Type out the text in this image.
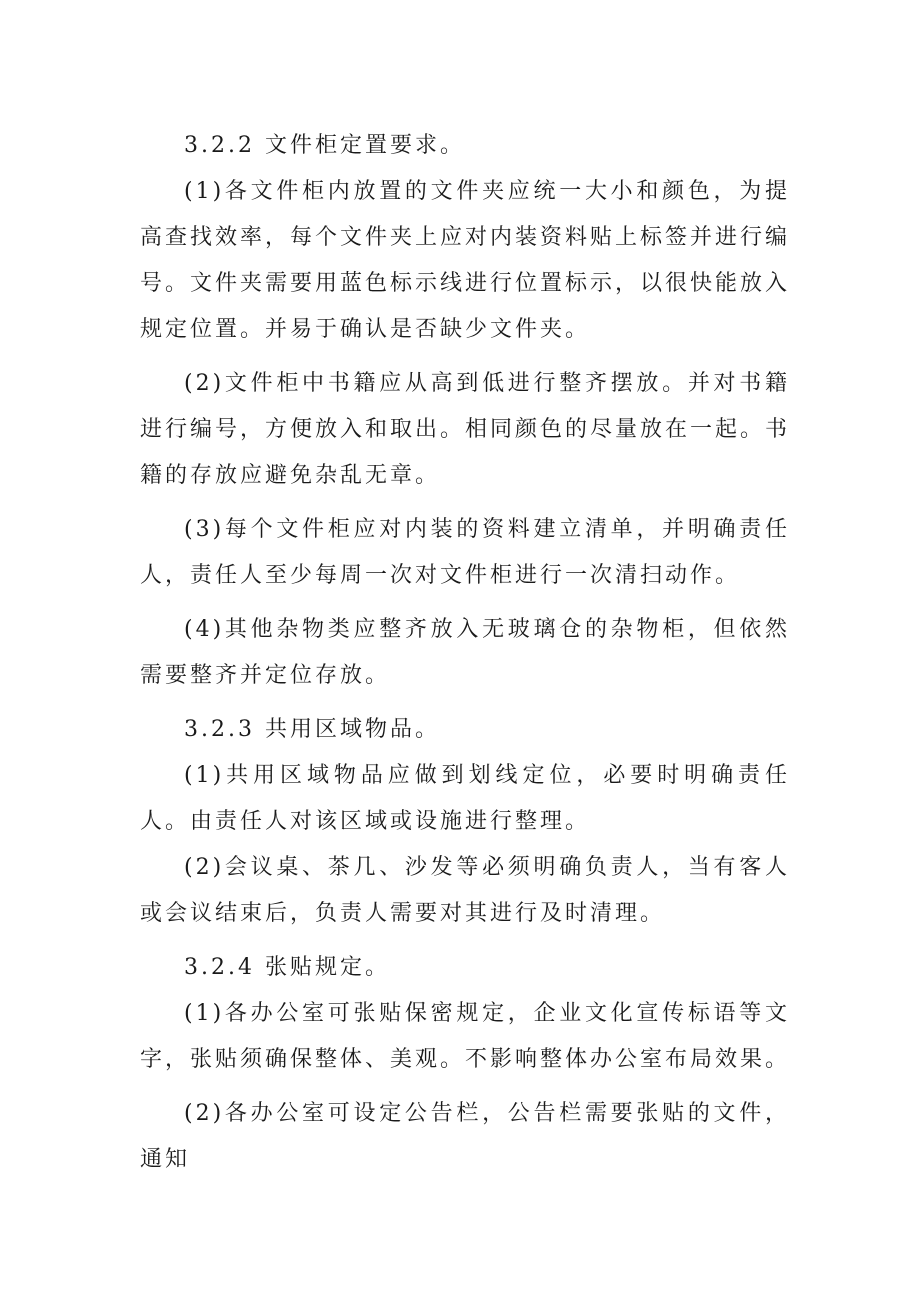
3.2.2 文件柜定置要求。

(1)各文件柜内放置的文件夹应统一大小和颜色，为提高查找效率，每个文件夹上应对内装资料贴上标签并进行编号。文件夹需要用蓝色标示线进行位置标示，以很快能放入规定位置。并易于确认是否缺少文件夹。

(2)文件柜中书籍应从高到低进行整齐摆放。并对书籍进行编号，方便放入和取出。相同颜色的尽量放在一起。书籍的存放应避免杂乱无章。

(3)每个文件柜应对内装的资料建立清单，并明确责任人，责任人至少每周一次对文件柜进行一次清扫动作。

(4)其他杂物类应整齐放入无玻璃仓的杂物柜，但依然需要整齐并定位存放。

3.2.3 共用区域物品。

(1)共用区域物品应做到划线定位，必要时明确责任人。由责任人对该区域或设施进行整理。

(2)会议桌、茶几、沙发等必须明确负责人，当有客人或会议结束后，负责人需要对其进行及时清理。

3.2.4 张贴规定。

(1)各办公室可张贴保密规定，企业文化宣传标语等文字，张贴须确保整体、美观。不影响整体办公室布局效果。

(2)各办公室可设定公告栏，公告栏需要张贴的文件，通知
